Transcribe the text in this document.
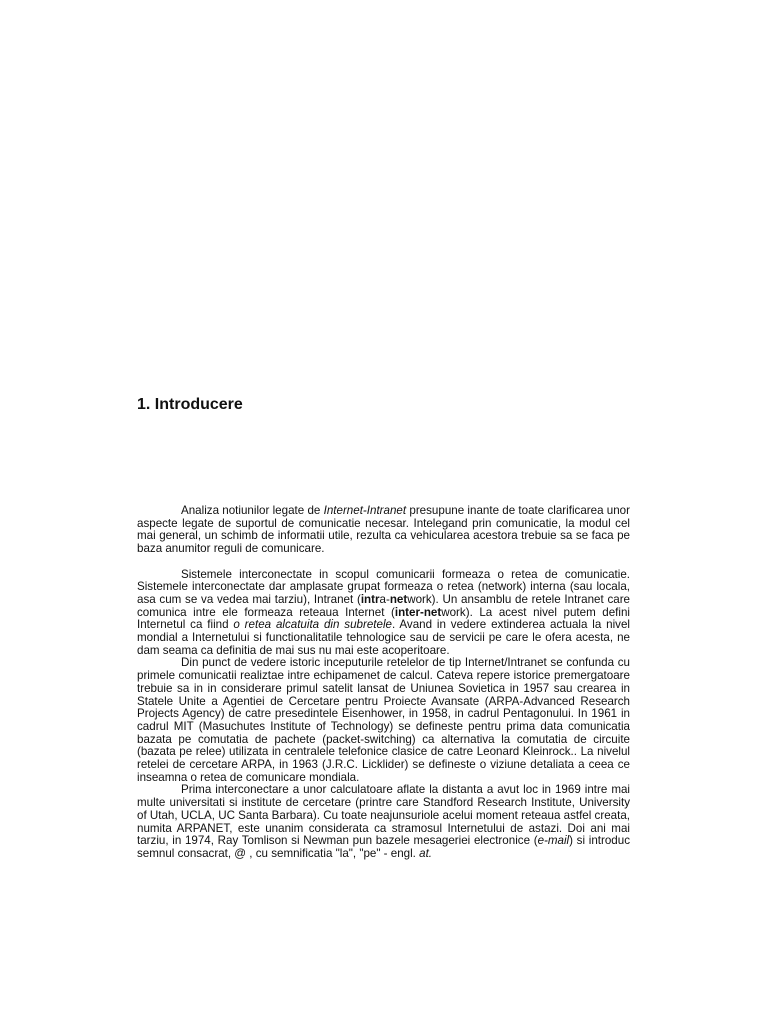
1. Introducere

Analiza notiunilor legate de Internet-Intranet presupune inante de toate clarificarea unor aspecte legate de suportul de comunicatie necesar. Intelegand prin comunicatie, la modul cel mai general, un schimb de informatii utile, rezulta ca vehicularea acestora trebuie sa se faca pe baza anumitor reguli de comunicare.

Sistemele interconectate in scopul comunicarii formeaza o retea de comunicatie. Sistemele interconectate dar amplasate grupat formeaza o retea (network) interna (sau locala, asa cum se va vedea mai tarziu), Intranet (intra-network). Un ansamblu de retele Intranet care comunica intre ele formeaza reteaua Internet (inter-network). La acest nivel putem defini Internetul ca fiind o retea alcatuita din subretele. Avand in vedere extinderea actuala la nivel mondial a Internetului si functionalitatile tehnologice sau de servicii pe care le ofera acesta, ne dam seama ca definitia de mai sus nu mai este acoperitoare.

Din punct de vedere istoric inceputurile retelelor de tip Internet/Intranet se confunda cu primele comunicatii realiztae intre echipamenet de calcul. Cateva repere istorice premergatoare trebuie sa in in considerare primul satelit lansat de Uniunea Sovietica in 1957 sau crearea in Statele Unite a Agentiei de Cercetare pentru Proiecte Avansate (ARPA-Advanced Research Projects Agency) de catre presedintele Eisenhower, in 1958, in cadrul Pentagonului. In 1961 in cadrul MIT (Masuchutes Institute of Technology) se defineste pentru prima data comunicatia bazata pe comutatia de pachete (packet-switching) ca alternativa la comutatia de circuite (bazata pe relee) utilizata in centralele telefonice clasice de catre Leonard Kleinrock.. La nivelul retelei de cercetare ARPA, in 1963 (J.R.C. Licklider) se defineste o viziune detaliata a ceea ce inseamna o retea de comunicare mondiala.

Prima interconectare a unor calculatoare aflate la distanta a avut loc in 1969 intre mai multe universitati si institute de cercetare (printre care Standford Research Institute, University of Utah, UCLA, UC Santa Barbara). Cu toate neajunsuriole acelui moment reteaua astfel creata, numita ARPANET, este unanim considerata ca stramosul Internetului de astazi. Doi ani mai tarziu, in 1974, Ray Tomlison si Newman pun bazele mesageriei electronice (e-mail) si introduc semnul consacrat, @ , cu semnificatia "la", "pe" - engl. at.
